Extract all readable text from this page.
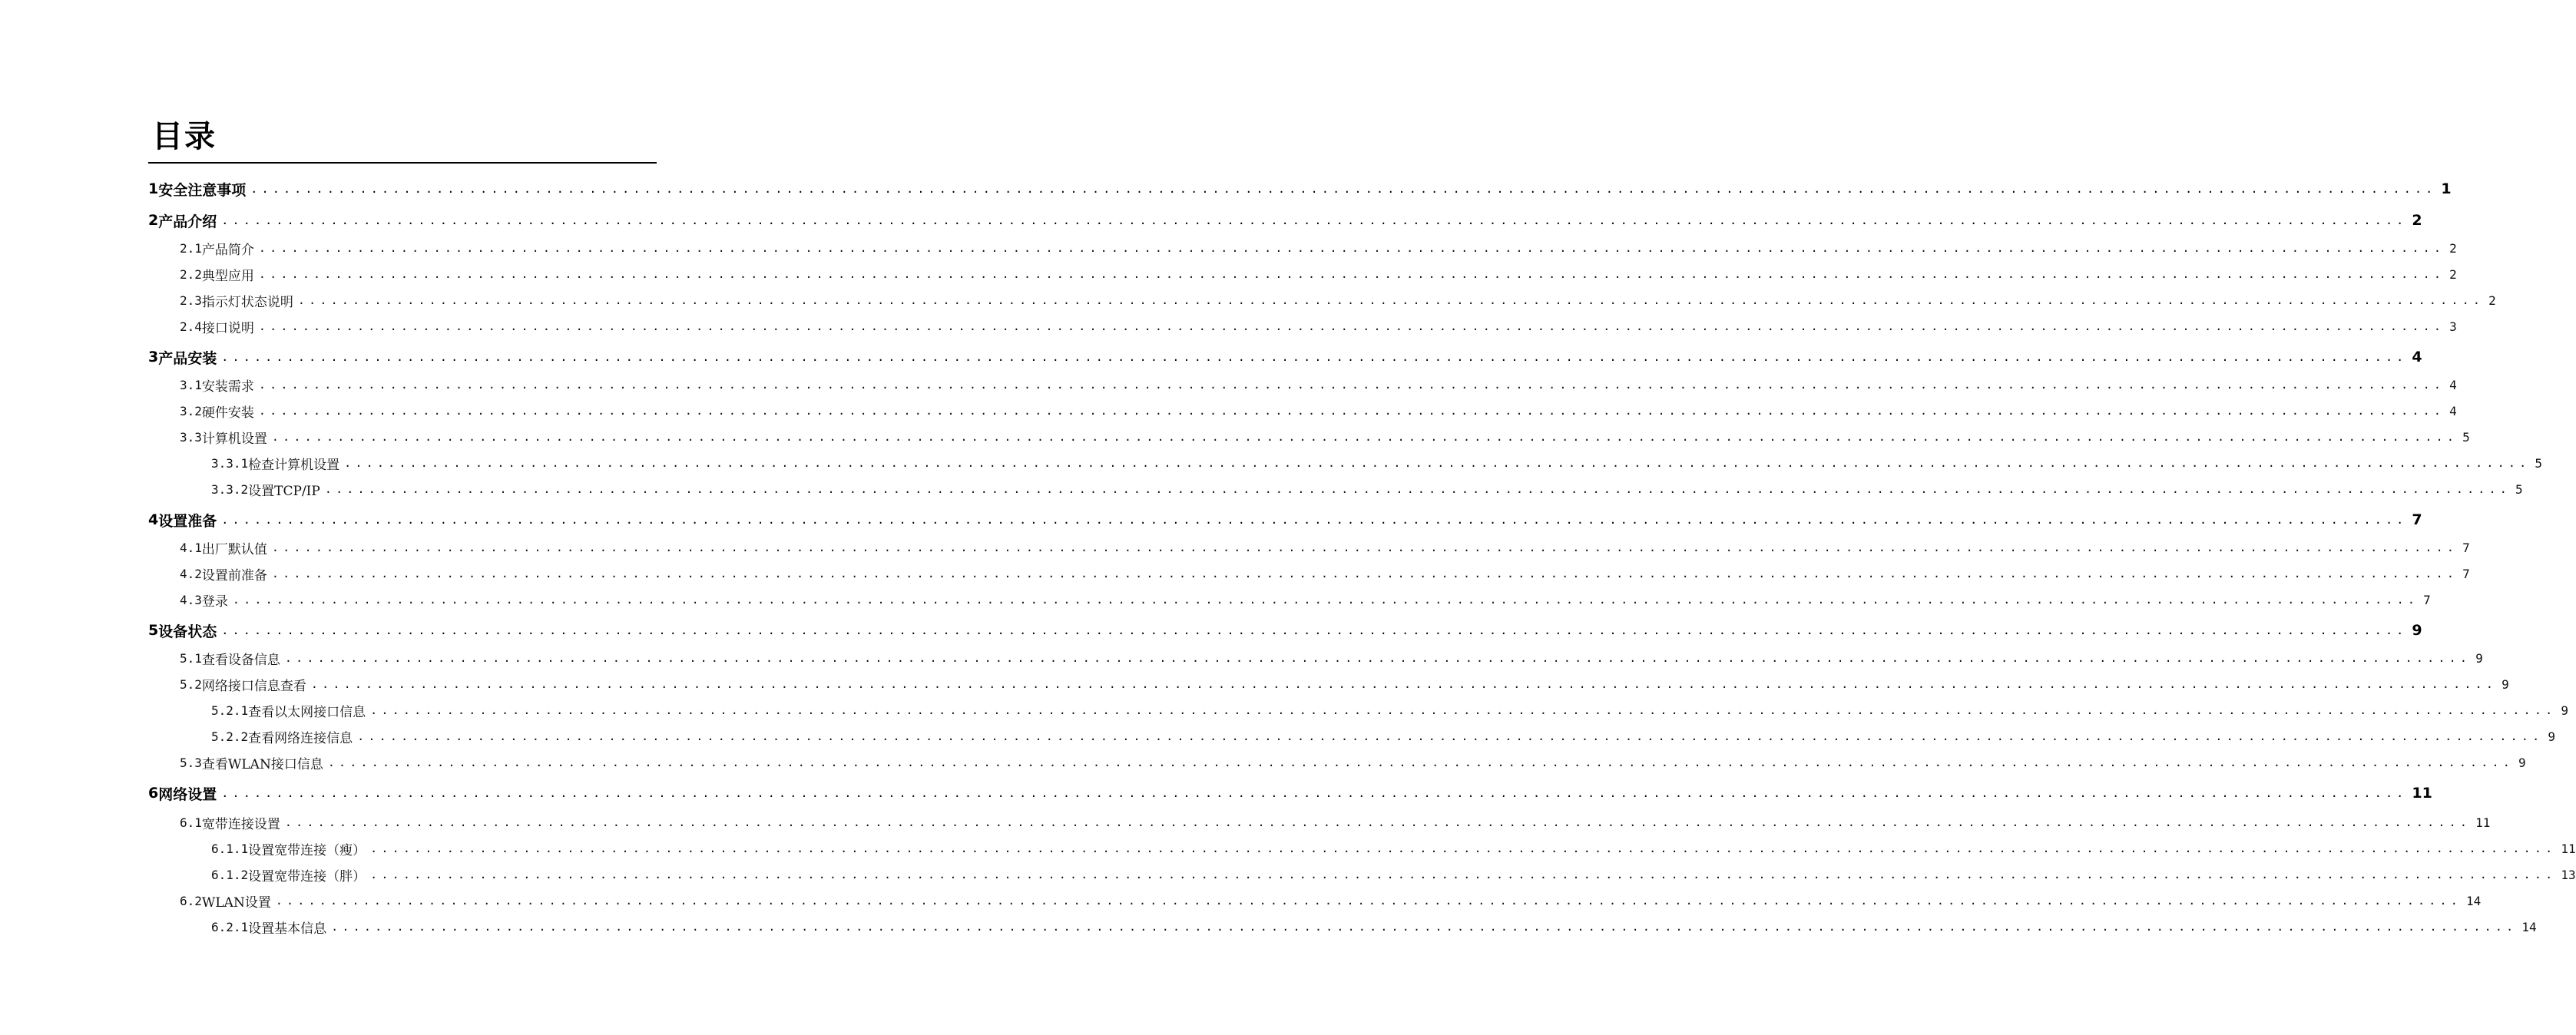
目录
1 安全注意事项 ........................................................................................................................................................................................................ 1
2 产品介绍 ........................................................................................................................................................................................................ 2
2.1 产品简介 ........................................................................................................................................................................................................ 2
2.2 典型应用 ........................................................................................................................................................................................................ 2
2.3 指示灯状态说明 ........................................................................................................................................................................................................ 2
2.4 接口说明 ........................................................................................................................................................................................................ 3
3 产品安装 ........................................................................................................................................................................................................ 4
3.1 安装需求 ........................................................................................................................................................................................................ 4
3.2 硬件安装 ........................................................................................................................................................................................................ 4
3.3 计算机设置 ........................................................................................................................................................................................................ 5
3.3.1 检查计算机设置 ........................................................................................................................................................................................................ 5
3.3.2 设置TCP/IP ........................................................................................................................................................................................................ 5
4 设置准备 ........................................................................................................................................................................................................ 7
4.1 出厂默认值 ........................................................................................................................................................................................................ 7
4.2 设置前准备 ........................................................................................................................................................................................................ 7
4.3 登录 ........................................................................................................................................................................................................ 7
5 设备状态 ........................................................................................................................................................................................................ 9
5.1 查看设备信息 ........................................................................................................................................................................................................ 9
5.2 网络接口信息查看 ........................................................................................................................................................................................................ 9
5.2.1 查看以太网接口信息 ........................................................................................................................................................................................................ 9
5.2.2 查看网络连接信息 ........................................................................................................................................................................................................ 9
5.3 查看WLAN接口信息 ........................................................................................................................................................................................................ 9
6 网络设置 ........................................................................................................................................................................................................ 11
6.1 宽带连接设置 ........................................................................................................................................................................................................ 11
6.1.1 设置宽带连接（瘦） ........................................................................................................................................................................................................ 11
6.1.2 设置宽带连接（胖） ........................................................................................................................................................................................................ 13
6.2 WLAN设置 ........................................................................................................................................................................................................ 14
6.2.1 设置基本信息 ........................................................................................................................................................................................................ 14
